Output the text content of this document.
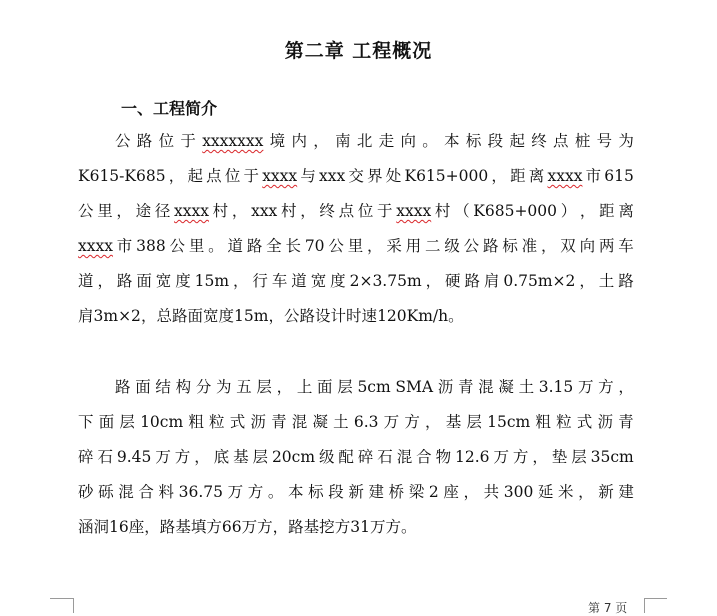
第二章 工程概况
一、工程简介
公 路 位 于 xxxxxxx 境 内 ， 南 北 走 向 。 本 标 段 起 终 点 桩 号 为
K615-K685 ， 起 点 位 于 xxxx 与 xxx 交 界 处 K615+000 ， 距 离 xxxx 市 615
公 里 ， 途 径 xxxx 村 ， xxx 村 ， 终 点 位 于 xxxx 村 （ K685+000 ） ， 距 离
xxxx 市 388 公 里 。 道 路 全 长 70 公 里 ， 采 用 二 级 公 路 标 准 ， 双 向 两 车
道 ， 路 面 宽 度 15m ， 行 车 道 宽 度 2×3.75m ， 硬 路 肩 0.75m×2 ， 土 路
肩 3m×2 ， 总 路 面 宽 度 15m ， 公 路 设 计 时 速 120Km/h 。
路 面 结 构 分 为 五 层 ， 上 面 层 5cm SMA 沥 青 混 凝 土 3.15 万 方 ，
下 面 层 10cm 粗 粒 式 沥 青 混 凝 土 6.3 万 方 ， 基 层 15cm 粗 粒 式 沥 青
碎 石 9.45 万 方 ， 底 基 层 20cm 级 配 碎 石 混 合 物 12.6 万 方 ， 垫 层 35cm
砂 砾 混 合 料 36.75 万 方 。 本 标 段 新 建 桥 梁 2 座 ， 共 300 延 米 ， 新 建
涵 洞 16 座 ， 路 基 填 方 66 万 方 ， 路 基 挖 方 31 万 方 。
第 7 页
